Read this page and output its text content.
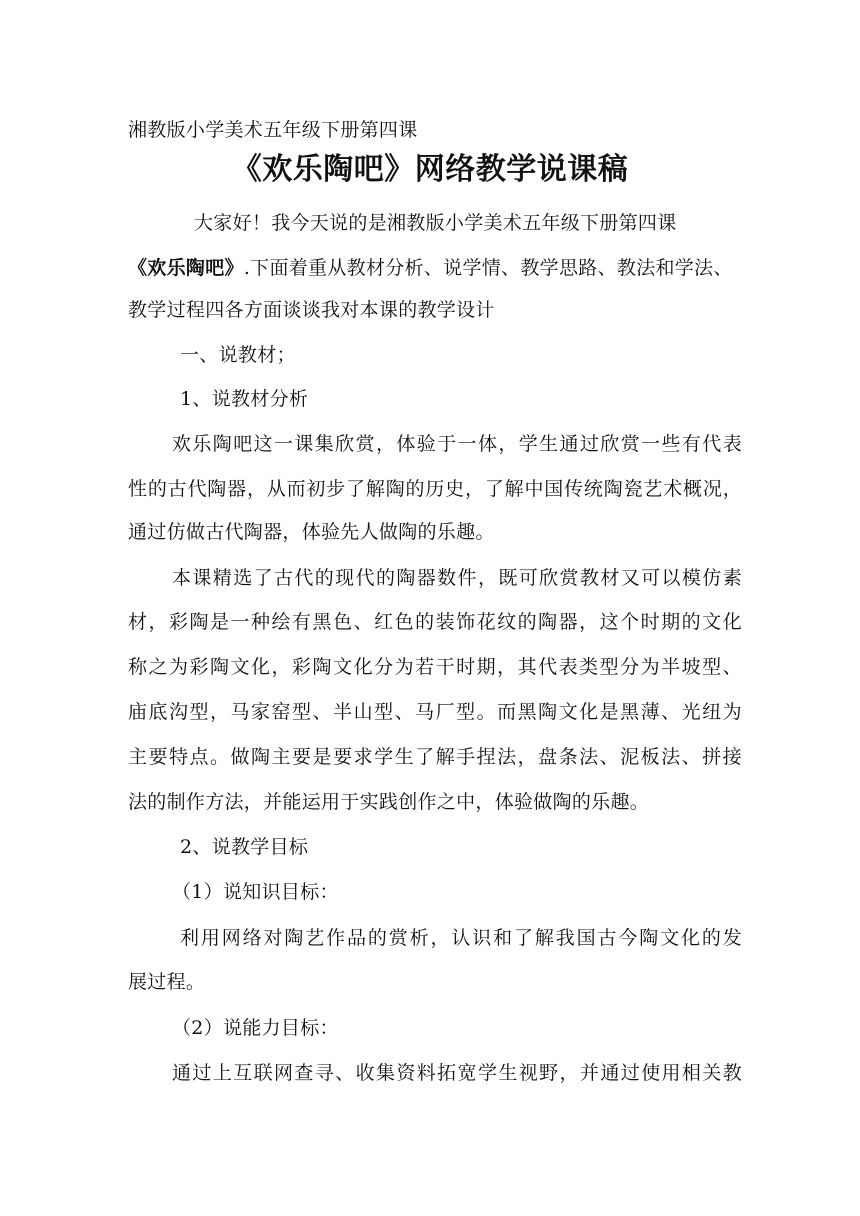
湘教版小学美术五年级下册第四课
《欢乐陶吧》网络教学说课稿
大家好！我今天说的是湘教版小学美术五年级下册第四课
《欢乐陶吧》.下面着重从教材分析、说学情、教学思路、教法和学法、
教学过程四各方面谈谈我对本课的教学设计
一、说教材；
1、说教材分析
欢乐陶吧这一课集欣赏，体验于一体，学生通过欣赏一些有代表
性的古代陶器，从而初步了解陶的历史，了解中国传统陶瓷艺术概况，
通过仿做古代陶器，体验先人做陶的乐趣。
本课精选了古代的现代的陶器数件，既可欣赏教材又可以模仿素
材，彩陶是一种绘有黑色、红色的装饰花纹的陶器，这个时期的文化
称之为彩陶文化，彩陶文化分为若干时期，其代表类型分为半坡型、
庙底沟型，马家窑型、半山型、马厂型。而黑陶文化是黑薄、光纽为
主要特点。做陶主要是要求学生了解手捏法，盘条法、泥板法、拼接
法的制作方法，并能运用于实践创作之中，体验做陶的乐趣。
2、说教学目标
（1）说知识目标：
利用网络对陶艺作品的赏析，认识和了解我国古今陶文化的发
展过程。
（2）说能力目标：
通过上互联网查寻、收集资料拓宽学生视野，并通过使用相关教
